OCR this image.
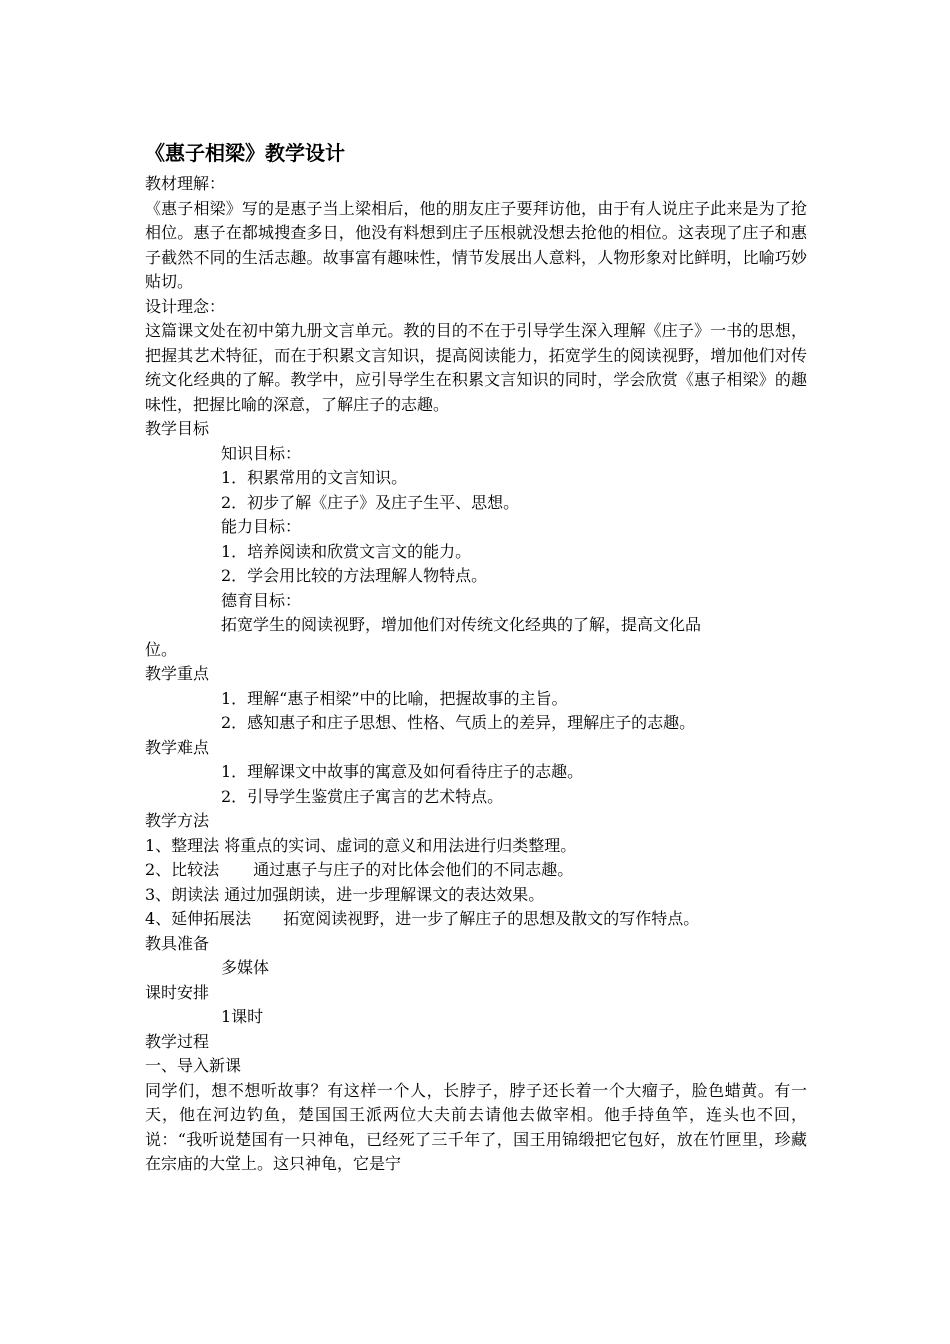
《惠子相梁》教学设计

教材理解：

《惠子相梁》写的是惠子当上梁相后，他的朋友庄子要拜访他，由于有人说庄子此来是为了抢相位。惠子在都城搜查多日，他没有料想到庄子压根就没想去抢他的相位。这表现了庄子和惠子截然不同的生活志趣。故事富有趣味性，情节发展出人意料，人物形象对比鲜明，比喻巧妙贴切。

设计理念：

这篇课文处在初中第九册文言单元。教的目的不在于引导学生深入理解《庄子》一书的思想，把握其艺术特征，而在于积累文言知识，提高阅读能力，拓宽学生的阅读视野，增加他们对传统文化经典的了解。教学中，应引导学生在积累文言知识的同时，学会欣赏《惠子相梁》的趣味性，把握比喻的深意，了解庄子的志趣。

教学目标

知识目标：

1．积累常用的文言知识。

2．初步了解《庄子》及庄子生平、思想。

能力目标：

1．培养阅读和欣赏文言文的能力。

2．学会用比较的方法理解人物特点。

德育目标：

拓宽学生的阅读视野，增加他们对传统文化经典的了解，提高文化品

位。

教学重点

1．理解“惠子相梁”中的比喻，把握故事的主旨。

2．感知惠子和庄子思想、性格、气质上的差异，理解庄子的志趣。

教学难点

1．理解课文中故事的寓意及如何看待庄子的志趣。

2．引导学生鉴赏庄子寓言的艺术特点。

教学方法

1、整理法 将重点的实词、虚词的意义和用法进行归类整理。

2、比较法 通过惠子与庄子的对比体会他们的不同志趣。

3、朗读法 通过加强朗读，进一步理解课文的表达效果。

4、延伸拓展法 拓宽阅读视野，进一步了解庄子的思想及散文的写作特点。

教具准备

多媒体

课时安排

1课时

教学过程

一、导入新课

同学们，想不想听故事？有这样一个人，长脖子，脖子还长着一个大瘤子，脸色蜡黄。有一天，他在河边钓鱼，楚国国王派两位大夫前去请他去做宰相。他手持鱼竿，连头也不回，说：“我听说楚国有一只神龟，已经死了三千年了，国王用锦缎把它包好，放在竹匣里，珍藏在宗庙的大堂上。这只神龟，它是宁
